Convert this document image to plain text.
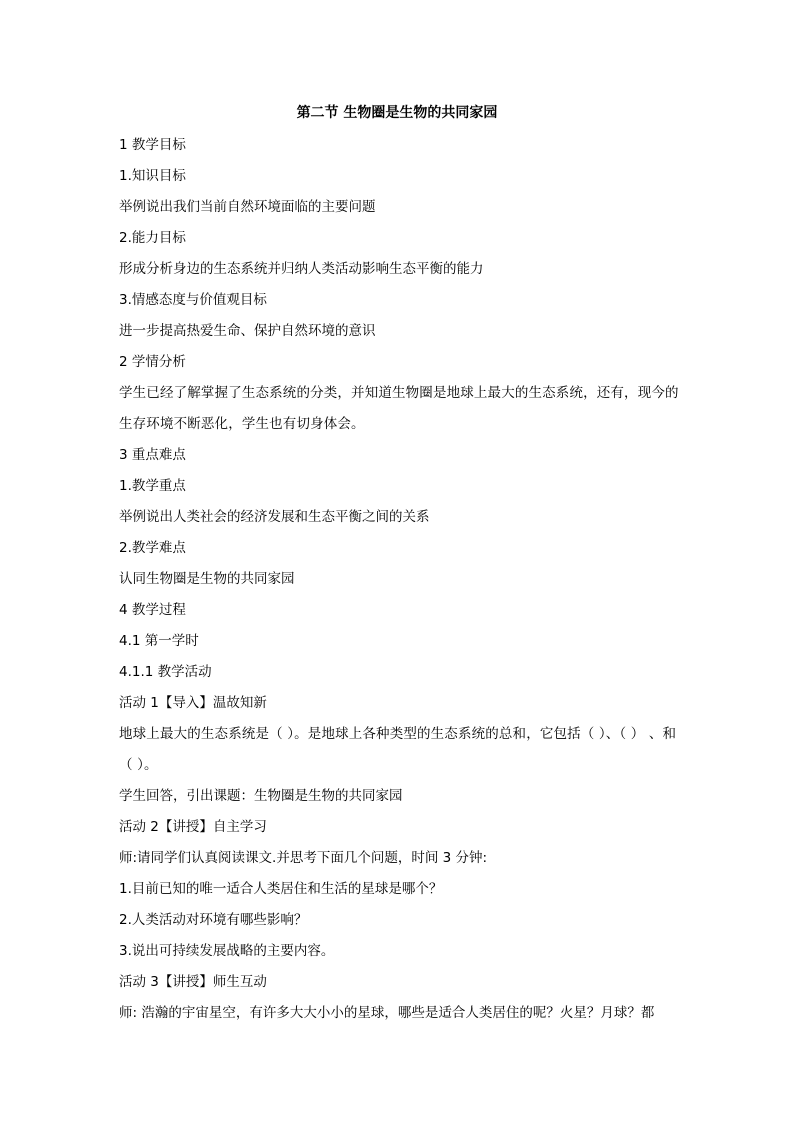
第二节 生物圈是生物的共同家园
1 教学目标
1.知识目标
举例说出我们当前自然环境面临的主要问题
2.能力目标
形成分析身边的生态系统并归纳人类活动影响生态平衡的能力
3.情感态度与价值观目标
进一步提高热爱生命、保护自然环境的意识
2 学情分析
学生已经了解掌握了生态系统的分类，并知道生物圈是地球上最大的生态系统，还有，现今的生存环境不断恶化，学生也有切身体会。
3 重点难点
1.教学重点
举例说出人类社会的经济发展和生态平衡之间的关系
2.教学难点
认同生物圈是生物的共同家园
4 教学过程
4.1 第一学时
4.1.1 教学活动
活动 1【导入】温故知新
地球上最大的生态系统是（ ）。是地球上各种类型的生态系统的总和，它包括（ ）、（ ） 、和（ ）。
学生回答，引出课题：生物圈是生物的共同家园
活动 2【讲授】自主学习
师:请同学们认真阅读课文.并思考下面几个问题，时间 3 分钟:
1.目前已知的唯一适合人类居住和生活的星球是哪个？
2.人类活动对环境有哪些影响？
3.说出可持续发展战略的主要内容。
活动 3【讲授】师生互动
师: 浩瀚的宇宙星空，有许多大大小小的星球，哪些是适合人类居住的呢？火星？月球？都
